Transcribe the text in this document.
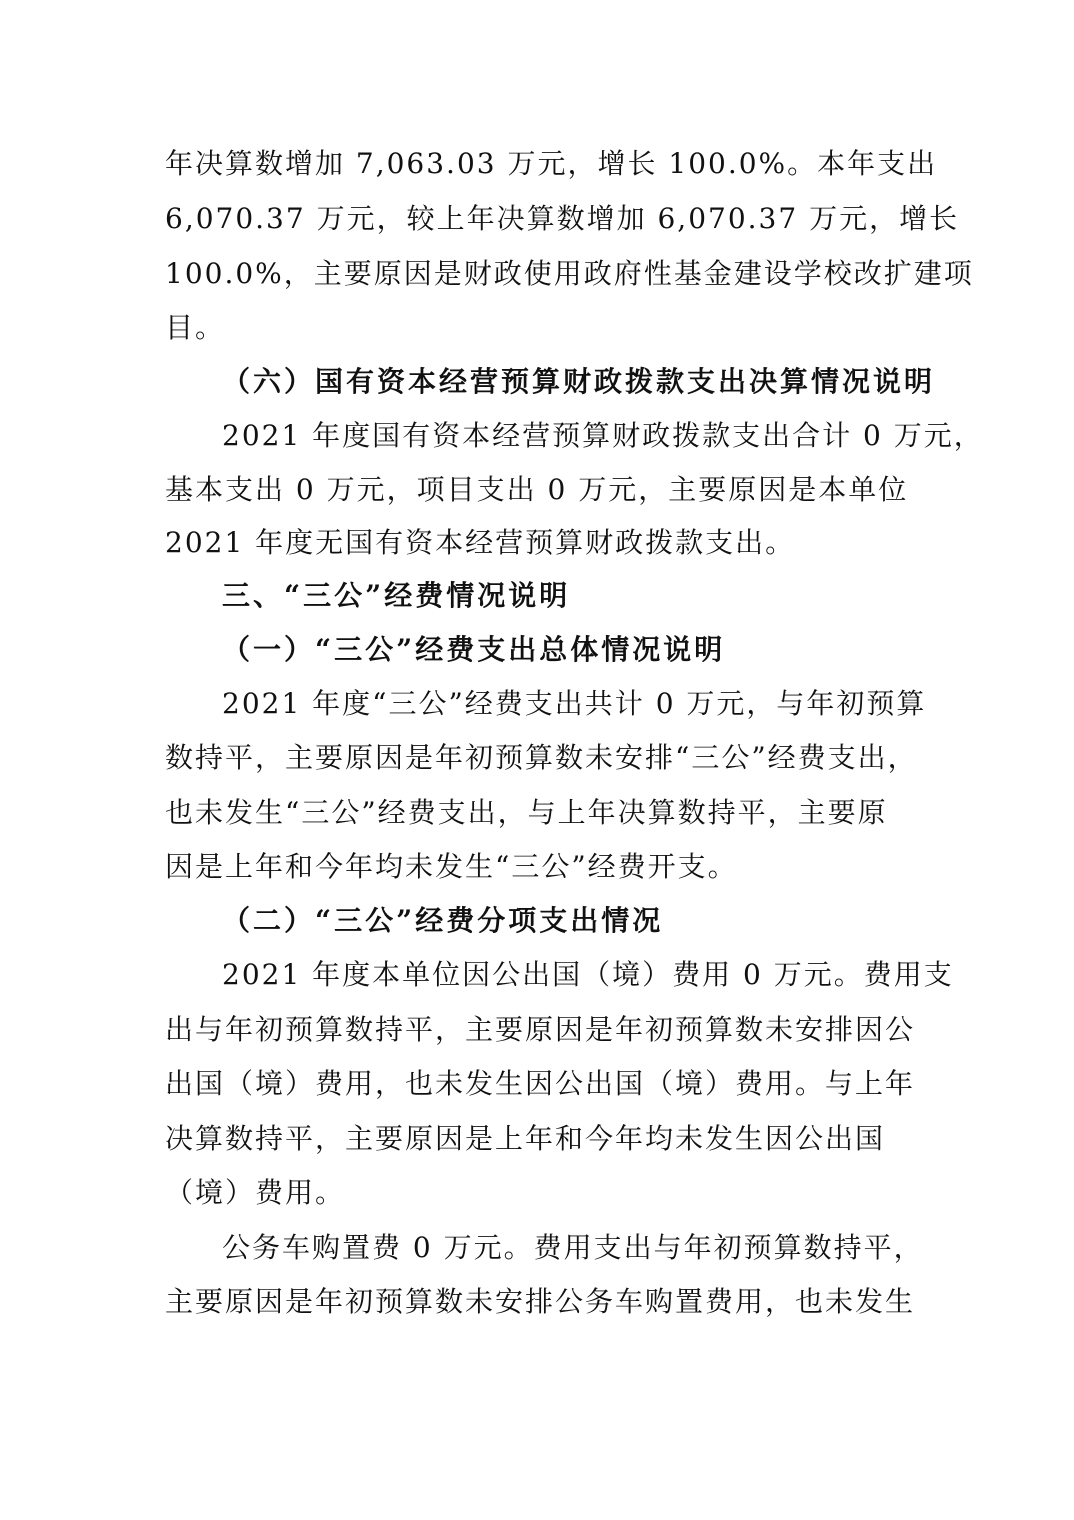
年决算数增加 7,063.03 万元，增长 100.0%。本年支出
6,070.37 万元，较上年决算数增加 6,070.37 万元，增长
100.0%，主要原因是财政使用政府性基金建设学校改扩建项
目。
（六）国有资本经营预算财政拨款支出决算情况说明
2021 年度国有资本经营预算财政拨款支出合计 0 万元，
基本支出 0 万元，项目支出 0 万元，主要原因是本单位
2021 年度无国有资本经营预算财政拨款支出。
三、“三公”经费情况说明
（一）“三公”经费支出总体情况说明
2021 年度“三公”经费支出共计 0 万元，与年初预算
数持平，主要原因是年初预算数未安排“三公”经费支出，
也未发生“三公”经费支出，与上年决算数持平，主要原
因是上年和今年均未发生“三公”经费开支。
（二）“三公”经费分项支出情况
2021 年度本单位因公出国（境）费用 0 万元。费用支
出与年初预算数持平，主要原因是年初预算数未安排因公
出国（境）费用，也未发生因公出国（境）费用。与上年
决算数持平，主要原因是上年和今年均未发生因公出国
（境）费用。
公务车购置费 0 万元。费用支出与年初预算数持平，
主要原因是年初预算数未安排公务车购置费用，也未发生
